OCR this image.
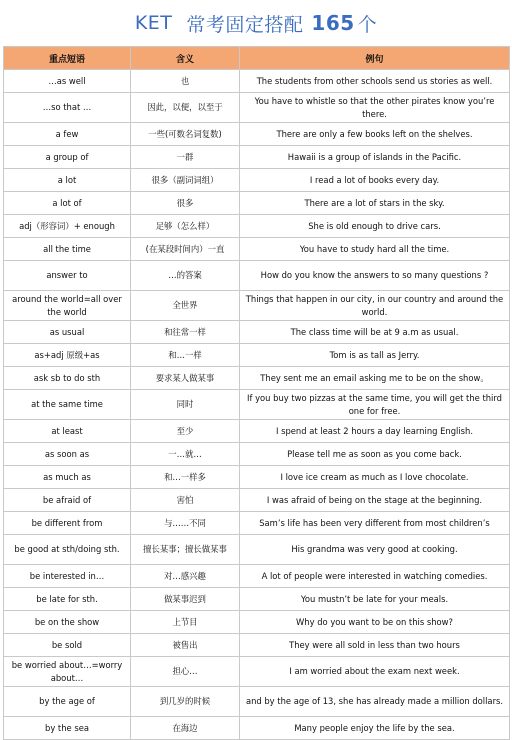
KET 常考固定搭配 165 个
重点短语	含义	例句
…as well	也	The students from other schools send us stories as well.
…so that …	因此，以便，以至于	You have to whistle so that the other pirates know you’re there.
a few	一些(可数名词复数)	There are only a few books left on the shelves.
a group of	一群	Hawaii is a group of islands in the Pacific.
a lot	很多（副词词组）	I read a lot of books every day.
a lot of	很多	There are a lot of stars in the sky.
adj（形容词）+ enough	足够（怎么样）	She is old enough to drive cars.
all the time	(在某段时间内）一直	You have to study hard all the time.
answer to	…的答案	How do you know the answers to so many questions ?
around the world=all over the world	全世界	Things that happen in our city, in our country and around the world.
as usual	和往常一样	The class time will be at 9 a.m as usual.
as+adj 原级+as	和…一样	Tom is as tall as Jerry.
ask sb to do sth	要求某人做某事	They sent me an email asking me to be on the show。
at the same time	同时	If you buy two pizzas at the same time, you will get the third one for free.
at least	至少	I spend at least 2 hours a day learning English.
as soon as	一…就…	Please tell me as soon as you come back.
as much as	和…一样多	I love ice cream as much as I love chocolate.
be afraid of	害怕	I was afraid of being on the stage at the beginning.
be different from	与……不同	Sam’s life has been very different from most children’s
be good at sth/doing sth.	擅长某事；擅长做某事	His grandma was very good at cooking.
be interested in…	对…感兴趣	A lot of people were interested in watching comedies.
be late for sth.	做某事迟到	You mustn’t be late for your meals.
be on the show	上节目	Why do you want to be on this show?
be sold	被售出	They were all sold in less than two hours
be worried about…=worry about…	担心…	I am worried about the exam next week.
by the age of	到几岁的时候	and by the age of 13, she has already made a million dollars.
by the sea	在海边	Many people enjoy the life by the sea.
